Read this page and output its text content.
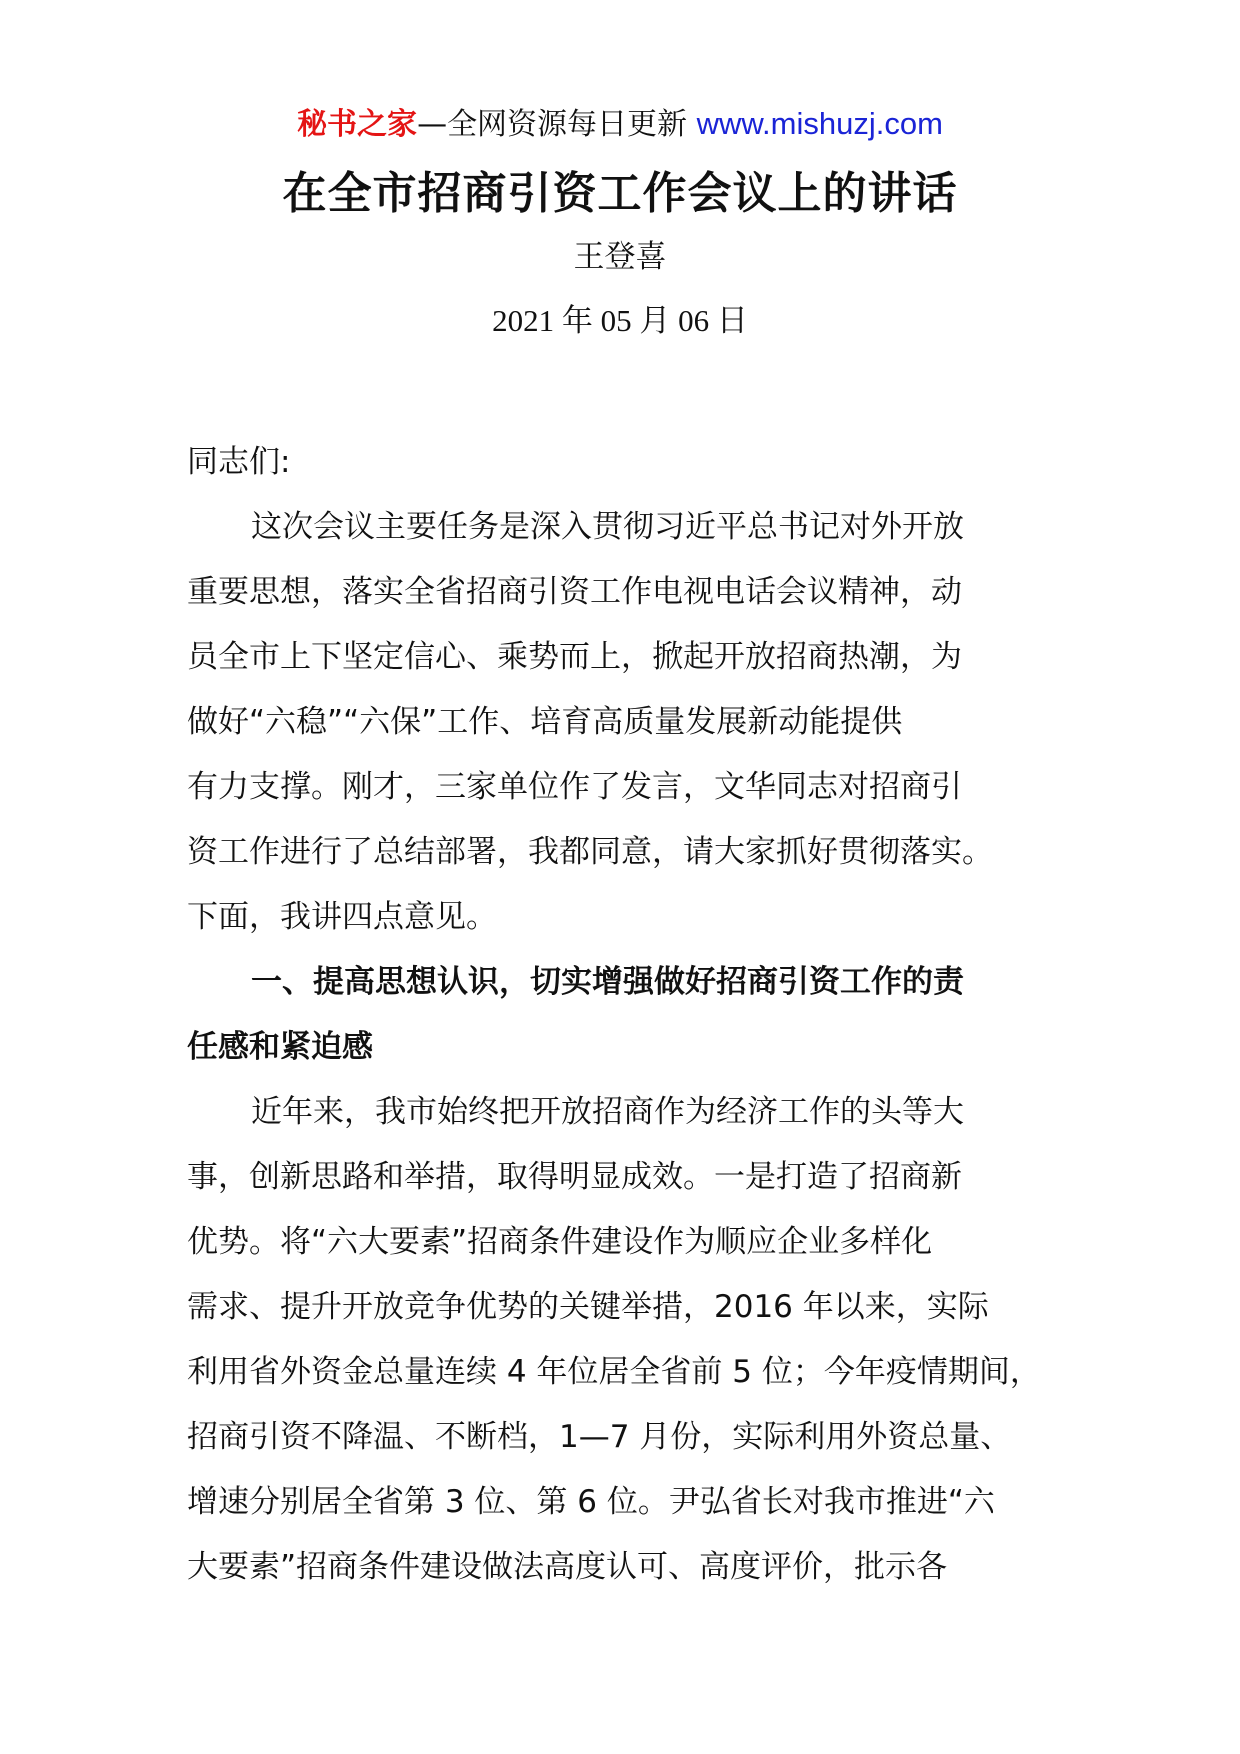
秘书之家—全网资源每日更新 www.mishuzj.com
在全市招商引资工作会议上的讲话
王登喜
2021 年 05 月 06 日
同志们:

这次会议主要任务是深入贯彻习近平总书记对外开放
重要思想，落实全省招商引资工作电视电话会议精神，动
员全市上下坚定信心、乘势而上，掀起开放招商热潮，为
做好“六稳”“六保”工作、培育高质量发展新动能提供
有力支撑。刚才，三家单位作了发言，文华同志对招商引
资工作进行了总结部署，我都同意，请大家抓好贯彻落实。
下面，我讲四点意见。

一、提高思想认识，切实增强做好招商引资工作的责
任感和紧迫感

近年来，我市始终把开放招商作为经济工作的头等大
事，创新思路和举措，取得明显成效。一是打造了招商新
优势。将“六大要素”招商条件建设作为顺应企业多样化
需求、提升开放竞争优势的关键举措，2016 年以来，实际
利用省外资金总量连续 4 年位居全省前 5 位；今年疫情期间，
招商引资不降温、不断档，1—7 月份，实际利用外资总量、
增速分别居全省第 3 位、第 6 位。尹弘省长对我市推进“六
大要素”招商条件建设做法高度认可、高度评价，批示各
